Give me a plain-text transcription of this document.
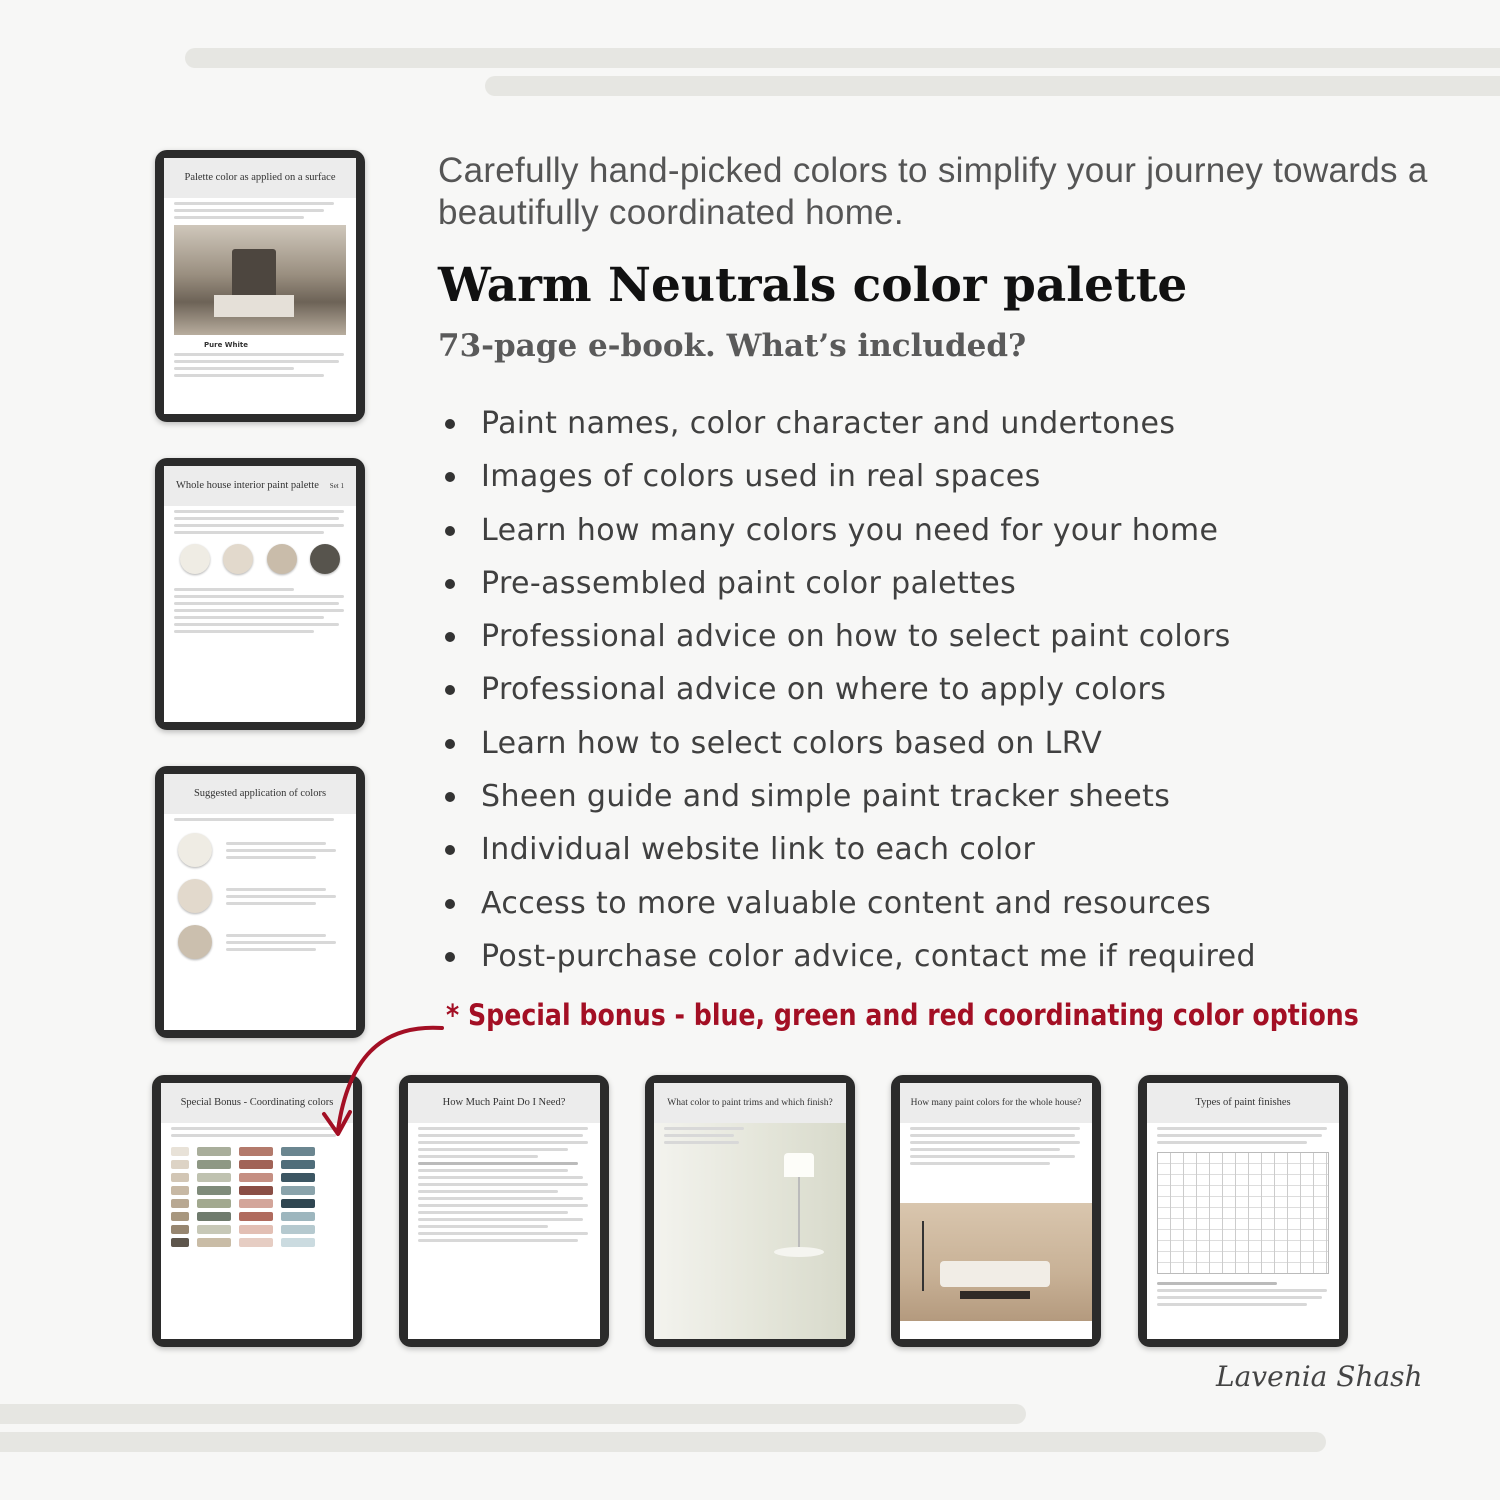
Carefully hand-picked colors to simplify your journey towards a beautifully coordinated home.
Warm Neutrals color palette
73-page e-book. What’s included?
Paint names, color character and undertones
Images of colors used in real spaces
Learn how many colors you need for your home
Pre-assembled paint color palettes
Professional advice on how to select paint colors
Professional advice on where to apply colors
Learn how to select colors based on LRV
Sheen guide and simple paint tracker sheets
Individual website link to each color
Access to more valuable content and resources
Post-purchase color advice, contact me if required
* Special bonus - blue, green and red coordinating color options
Palette color as applied on a surface
Pure White
Whole house interior paint palette Set 1

Suggested application of colors
Special Bonus - Coordinating colors	How Much Paint Do I Need?	What color to paint trims and which finish?	How many paint colors for the whole house?	Types of paint finishes
Lavenia Shash
